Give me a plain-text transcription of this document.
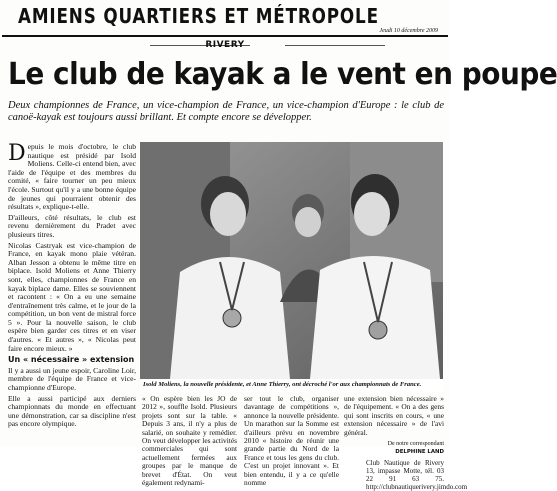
AMIENS QUARTIERS ET MÉTROPOLE
Jeudi 10 décembre 2009
RIVERY
Le club de kayak a le vent en poupe
Deux championnes de France, un vice-champion de France, un vice-champion d'Europe : le club de canoë-kayak est toujours aussi brillant. Et compte encore se développer.

Depuis le mois d'octobre, le club nautique est présidé par Isold Moliens. Celle-ci entend bien, avec l'aide de l'équipe et des membres du comité, « faire tourner un peu mieux l'école. Surtout qu'il y a une bonne équipe de jeunes qui pourraient obtenir des résultats », explique-t-elle.

D'ailleurs, côté résultats, le club est revenu dernièrement du Pradet avec plusieurs titres.

Nicolas Castryak est vice-champion de France, en kayak mono plaie vétéran. Alban Jesson a obtenu le même titre en biplace. Isold Moliens et Anne Thierry sont, elles, championnes de France en kayak biplace dame. Elles se souviennent et racontent : « On a eu une semaine d'entraînement très calme, et le jour de la compétition, un bon vent de mistral force 5 ». Pour la nouvelle saison, le club espère bien garder ces titres et en viser d'autres. « Et autres », « Nicolas peut faire encore mieux. »

Un « nécessaire » extension

Il y a aussi un jeune espoir, Caroline Loir, membre de l'équipe de France et vice-championne d'Europe.

Elle a aussi participé aux derniers championnats du monde en effectuant une démonstration, car sa discipline n'est pas encore olympique.

Isold Moliens, la nouvelle présidente, et Anne Thierry, ont décroché l'or aux championnats de France.
« On espère bien les JO de 2012 », souffle Isold. Plusieurs projets sont sur la table. « Depuis 3 ans, il n'y a plus de salarié, on souhaite y remédier. On veut développer les activités commerciales qui sont actuellement fermées aux groupes par le manque de brevet d'État. On veut également redynami-
ser tout le club, organiser davantage de compétitions », annonce la nouvelle présidente. Un marathon sur la Somme est d'ailleurs prévu en novembre 2010 « histoire de réunir une grande partie du Nord de la France et tous les gens du club. C'est un projet innovant ». Et bien entendu, il y a ce qu'elle nomme
une extension bien nécessaire » de l'équipement. « On a des gens qui sont inscrits en cours, « une extension nécessaire » de l'avi général.
De notre correspondant
DELPHINE LAND
Club Nautique de Rivery 13, impasse Motte, tél. 03 22 91 63 75. http://clubnautiquerivery.jimdo.com
